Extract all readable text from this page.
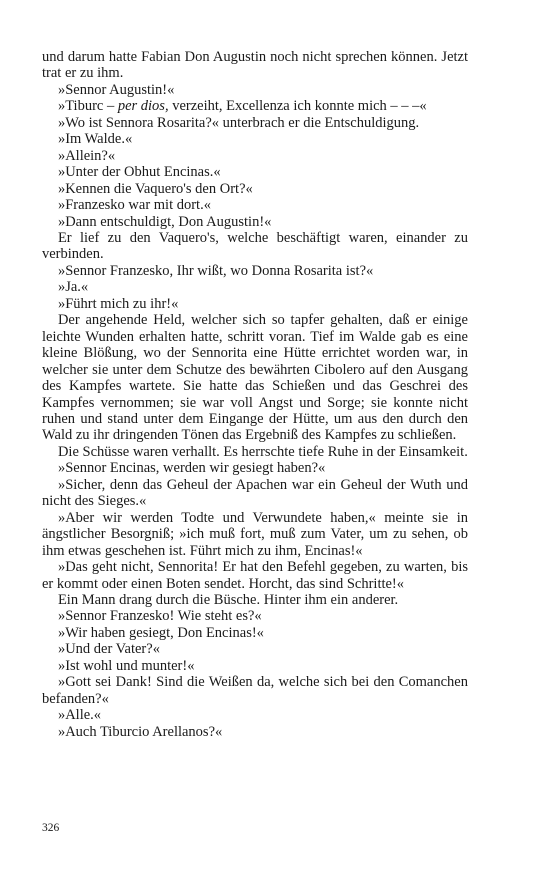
und darum hatte Fabian Don Augustin noch nicht sprechen können. Jetzt trat er zu ihm.

»Sennor Augustin!«

»Tiburc – per dios, verzeiht, Excellenza ich konnte mich – – –«

»Wo ist Sennora Rosarita?« unterbrach er die Entschuldigung.

»Im Walde.«

»Allein?«

»Unter der Obhut Encinas.«

»Kennen die Vaquero's den Ort?«

»Franzesko war mit dort.«

»Dann entschuldigt, Don Augustin!«

Er lief zu den Vaquero's, welche beschäftigt waren, einander zu verbinden.

»Sennor Franzesko, Ihr wißt, wo Donna Rosarita ist?«

»Ja.«

»Führt mich zu ihr!«

Der angehende Held, welcher sich so tapfer gehalten, daß er einige leichte Wunden erhalten hatte, schritt voran. Tief im Walde gab es eine kleine Blößung, wo der Sennorita eine Hütte errichtet worden war, in welcher sie unter dem Schutze des bewährten Cibolero auf den Ausgang des Kampfes wartete. Sie hatte das Schießen und das Geschrei des Kampfes vernommen; sie war voll Angst und Sorge; sie konnte nicht ruhen und stand unter dem Eingange der Hütte, um aus den durch den Wald zu ihr dringenden Tönen das Ergebniß des Kampfes zu schließen.

Die Schüsse waren verhallt. Es herrschte tiefe Ruhe in der Einsamkeit.

»Sennor Encinas, werden wir gesiegt haben?«

»Sicher, denn das Geheul der Apachen war ein Geheul der Wuth und nicht des Sieges.«

»Aber wir werden Todte und Verwundete haben,« meinte sie in ängstlicher Besorgniß; »ich muß fort, muß zum Vater, um zu sehen, ob ihm etwas geschehen ist. Führt mich zu ihm, Encinas!«

»Das geht nicht, Sennorita! Er hat den Befehl gegeben, zu warten, bis er kommt oder einen Boten sendet. Horcht, das sind Schritte!«

Ein Mann drang durch die Büsche. Hinter ihm ein anderer.

»Sennor Franzesko! Wie steht es?«

»Wir haben gesiegt, Don Encinas!«

»Und der Vater?«

»Ist wohl und munter!«

»Gott sei Dank! Sind die Weißen da, welche sich bei den Comanchen befanden?«

»Alle.«

»Auch Tiburcio Arellanos?«

326
